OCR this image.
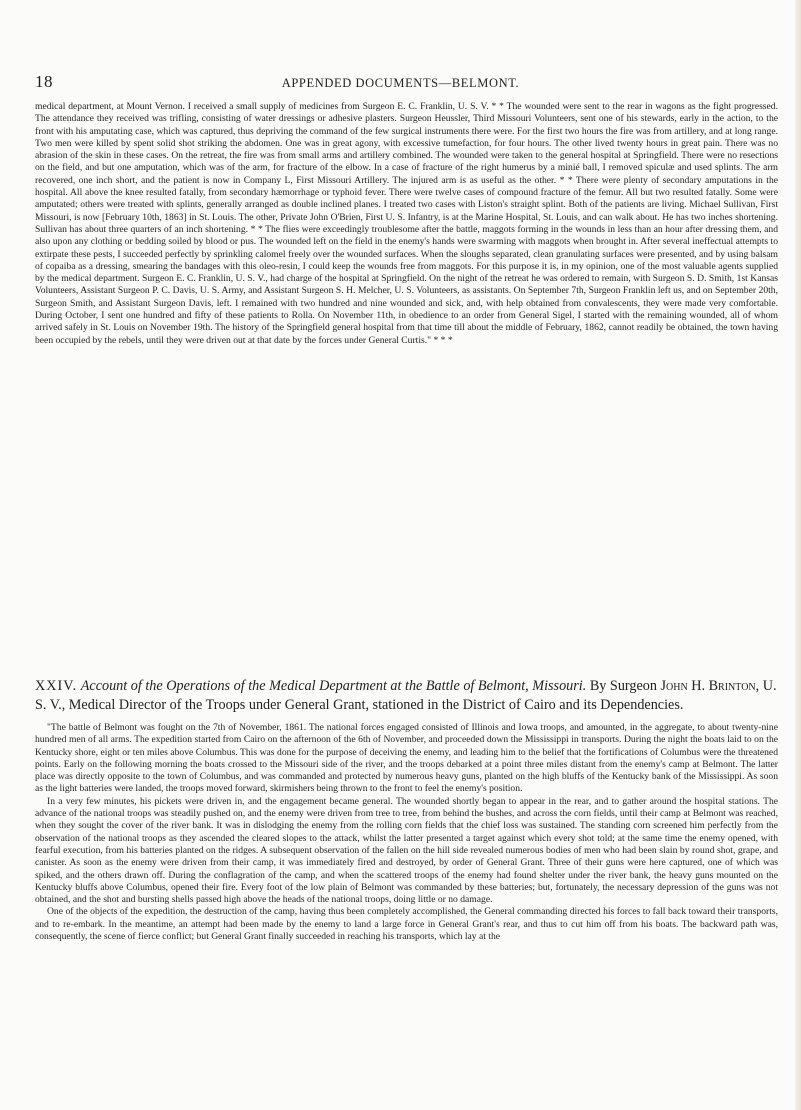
18	APPENDED DOCUMENTS—BELMONT.

medical department, at Mount Vernon. I received a small supply of medicines from Surgeon E. C. Franklin, U. S. V. * * The wounded were sent to the rear in wagons as the fight progressed. The attendance they received was trifling, consisting of water dressings or adhesive plasters. Surgeon Heussler, Third Missouri Volunteers, sent one of his stewards, early in the action, to the front with his amputating case, which was captured, thus depriving the command of the few surgical instruments there were. For the first two hours the fire was from artillery, and at long range. Two men were killed by spent solid shot striking the abdomen. One was in great agony, with excessive tumefaction, for four hours. The other lived twenty hours in great pain. There was no abrasion of the skin in these cases. On the retreat, the fire was from small arms and artillery combined. The wounded were taken to the general hospital at Springfield. There were no resections on the field, and but one amputation, which was of the arm, for fracture of the elbow. In a case of fracture of the right humerus by a minié ball, I removed spiculæ and used splints. The arm recovered, one inch short, and the patient is now in Company L, First Missouri Artillery. The injured arm is as useful as the other. * * There were plenty of secondary amputations in the hospital. All above the knee resulted fatally, from secondary hæmorrhage or typhoid fever. There were twelve cases of compound fracture of the femur. All but two resulted fatally. Some were amputated; others were treated with splints, generally arranged as double inclined planes. I treated two cases with Liston's straight splint. Both of the patients are living. Michael Sullivan, First Missouri, is now [February 10th, 1863] in St. Louis. The other, Private John O'Brien, First U. S. Infantry, is at the Marine Hospital, St. Louis, and can walk about. He has two inches shortening. Sullivan has about three quarters of an inch shortening. * * The flies were exceedingly troublesome after the battle, maggots forming in the wounds in less than an hour after dressing them, and also upon any clothing or bedding soiled by blood or pus. The wounded left on the field in the enemy's hands were swarming with maggots when brought in. After several ineffectual attempts to extirpate these pests, I succeeded perfectly by sprinkling calomel freely over the wounded surfaces. When the sloughs separated, clean granulating surfaces were presented, and by using balsam of copaiba as a dressing, smearing the bandages with this oleo-resin, I could keep the wounds free from maggots. For this purpose it is, in my opinion, one of the most valuable agents supplied by the medical department. Surgeon E. C. Franklin, U. S. V., had charge of the hospital at Springfield. On the night of the retreat he was ordered to remain, with Surgeon S. D. Smith, 1st Kansas Volunteers, Assistant Surgeon P. C. Davis, U. S. Army, and Assistant Surgeon S. H. Melcher, U. S. Volunteers, as assistants. On September 7th, Surgeon Franklin left us, and on September 20th, Surgeon Smith, and Assistant Surgeon Davis, left. I remained with two hundred and nine wounded and sick, and, with help obtained from convalescents, they were made very comfortable. During October, I sent one hundred and fifty of these patients to Rolla. On November 11th, in obedience to an order from General Sigel, I started with the remaining wounded, all of whom arrived safely in St. Louis on November 19th. The history of the Springfield general hospital from that time till about the middle of February, 1862, cannot readily be obtained, the town having been occupied by the rebels, until they were driven out at that date by the forces under General Curtis." * * *

XXIV. Account of the Operations of the Medical Department at the Battle of Belmont, Missouri. By Surgeon John H. Brinton, U. S. V., Medical Director of the Troops under General Grant, stationed in the District of Cairo and its Dependencies.

"The battle of Belmont was fought on the 7th of November, 1861. The national forces engaged consisted of Illinois and Iowa troops, and amounted, in the aggregate, to about twenty-nine hundred men of all arms. The expedition started from Cairo on the afternoon of the 6th of November, and proceeded down the Mississippi in transports. During the night the boats laid to on the Kentucky shore, eight or ten miles above Columbus. This was done for the purpose of deceiving the enemy, and leading him to the belief that the fortifications of Columbus were the threatened points. Early on the following morning the boats crossed to the Missouri side of the river, and the troops debarked at a point three miles distant from the enemy's camp at Belmont. The latter place was directly opposite to the town of Columbus, and was commanded and protected by numerous heavy guns, planted on the high bluffs of the Kentucky bank of the Mississippi. As soon as the light batteries were landed, the troops moved forward, skirmishers being thrown to the front to feel the enemy's position.

In a very few minutes, his pickets were driven in, and the engagement became general. The wounded shortly began to appear in the rear, and to gather around the hospital stations. The advance of the national troops was steadily pushed on, and the enemy were driven from tree to tree, from behind the bushes, and across the corn fields, until their camp at Belmont was reached, when they sought the cover of the river bank. It was in dislodging the enemy from the rolling corn fields that the chief loss was sustained. The standing corn screened him perfectly from the observation of the national troops as they ascended the cleared slopes to the attack, whilst the latter presented a target against which every shot told; at the same time the enemy opened, with fearful execution, from his batteries planted on the ridges. A subsequent observation of the fallen on the hill side revealed numerous bodies of men who had been slain by round shot, grape, and canister. As soon as the enemy were driven from their camp, it was immediately fired and destroyed, by order of General Grant. Three of their guns were here captured, one of which was spiked, and the others drawn off. During the conflagration of the camp, and when the scattered troops of the enemy had found shelter under the river bank, the heavy guns mounted on the Kentucky bluffs above Columbus, opened their fire. Every foot of the low plain of Belmont was commanded by these batteries; but, fortunately, the necessary depression of the guns was not obtained, and the shot and bursting shells passed high above the heads of the national troops, doing little or no damage.

One of the objects of the expedition, the destruction of the camp, having thus been completely accomplished, the General commanding directed his forces to fall back toward their transports, and to re-embark. In the meantime, an attempt had been made by the enemy to land a large force in General Grant's rear, and thus to cut him off from his boats. The backward path was, consequently, the scene of fierce conflict; but General Grant finally succeeded in reaching his transports, which lay at the
